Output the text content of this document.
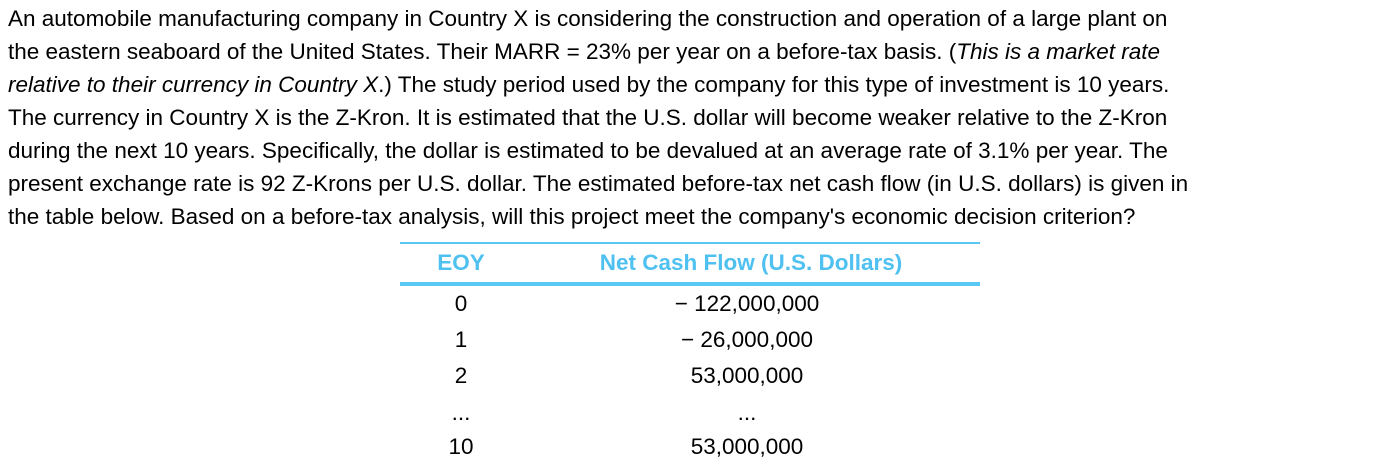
An automobile manufacturing company in Country X is considering the construction and operation of a large plant on
the eastern seaboard of the United States. Their MARR = 23% per year on a before-tax basis. (This is a market rate
relative to their currency in Country X.) The study period used by the company for this type of investment is 10 years.
The currency in Country X is the Z-Kron. It is estimated that the U.S. dollar will become weaker relative to the Z-Kron
during the next 10 years. Specifically, the dollar is estimated to be devalued at an average rate of 3.1% per year. The
present exchange rate is 92 Z-Krons per U.S. dollar. The estimated before-tax net cash flow (in U.S. dollars) is given in
the table below. Based on a before-tax analysis, will this project meet the company's economic decision criterion?
EOY	Net Cash Flow (U.S. Dollars)
0	− 122,000,000
1	− 26,000,000
2	53,000,000
...	...
10	53,000,000
